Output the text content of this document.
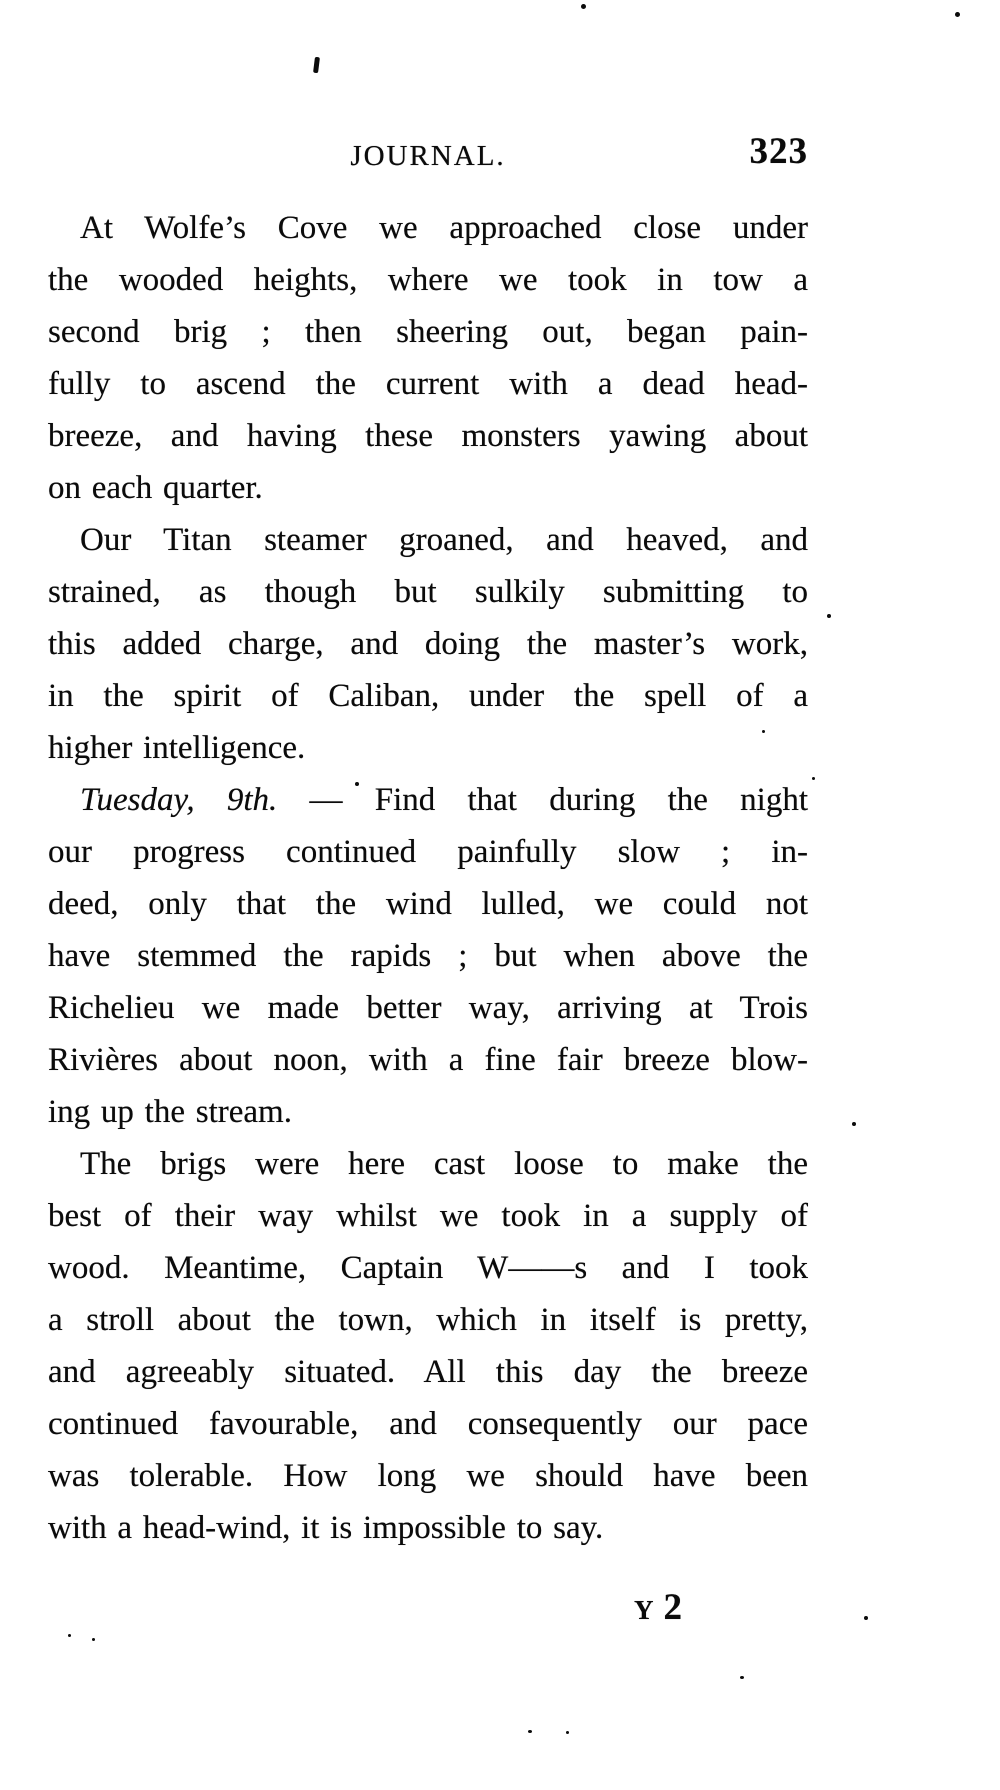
JOURNAL.	323
At Wolfe’s Cove we approached close under
the wooded heights, where we took in tow a
second brig ; then sheering out, began pain-
fully to ascend the current with a dead head-
breeze, and having these monsters yawing about
on each quarter.
Our Titan steamer groaned, and heaved, and
strained, as though but sulkily submitting to
this added charge, and doing the master’s work,
in the spirit of Caliban, under the spell of a
higher intelligence.
Tuesday, 9th. — Find that during the night
our progress continued painfully slow ; in-
deed, only that the wind lulled, we could not
have stemmed the rapids ; but when above the
Richelieu we made better way, arriving at Trois
Rivières about noon, with a fine fair breeze blow-
ing up the stream.
The brigs were here cast loose to make the
best of their way whilst we took in a supply of
wood. Meantime, Captain W——s and I took
a stroll about the town, which in itself is pretty,
and agreeably situated. All this day the breeze
continued favourable, and consequently our pace
was tolerable. How long we should have been
with a head-wind, it is impossible to say.
Y 2
